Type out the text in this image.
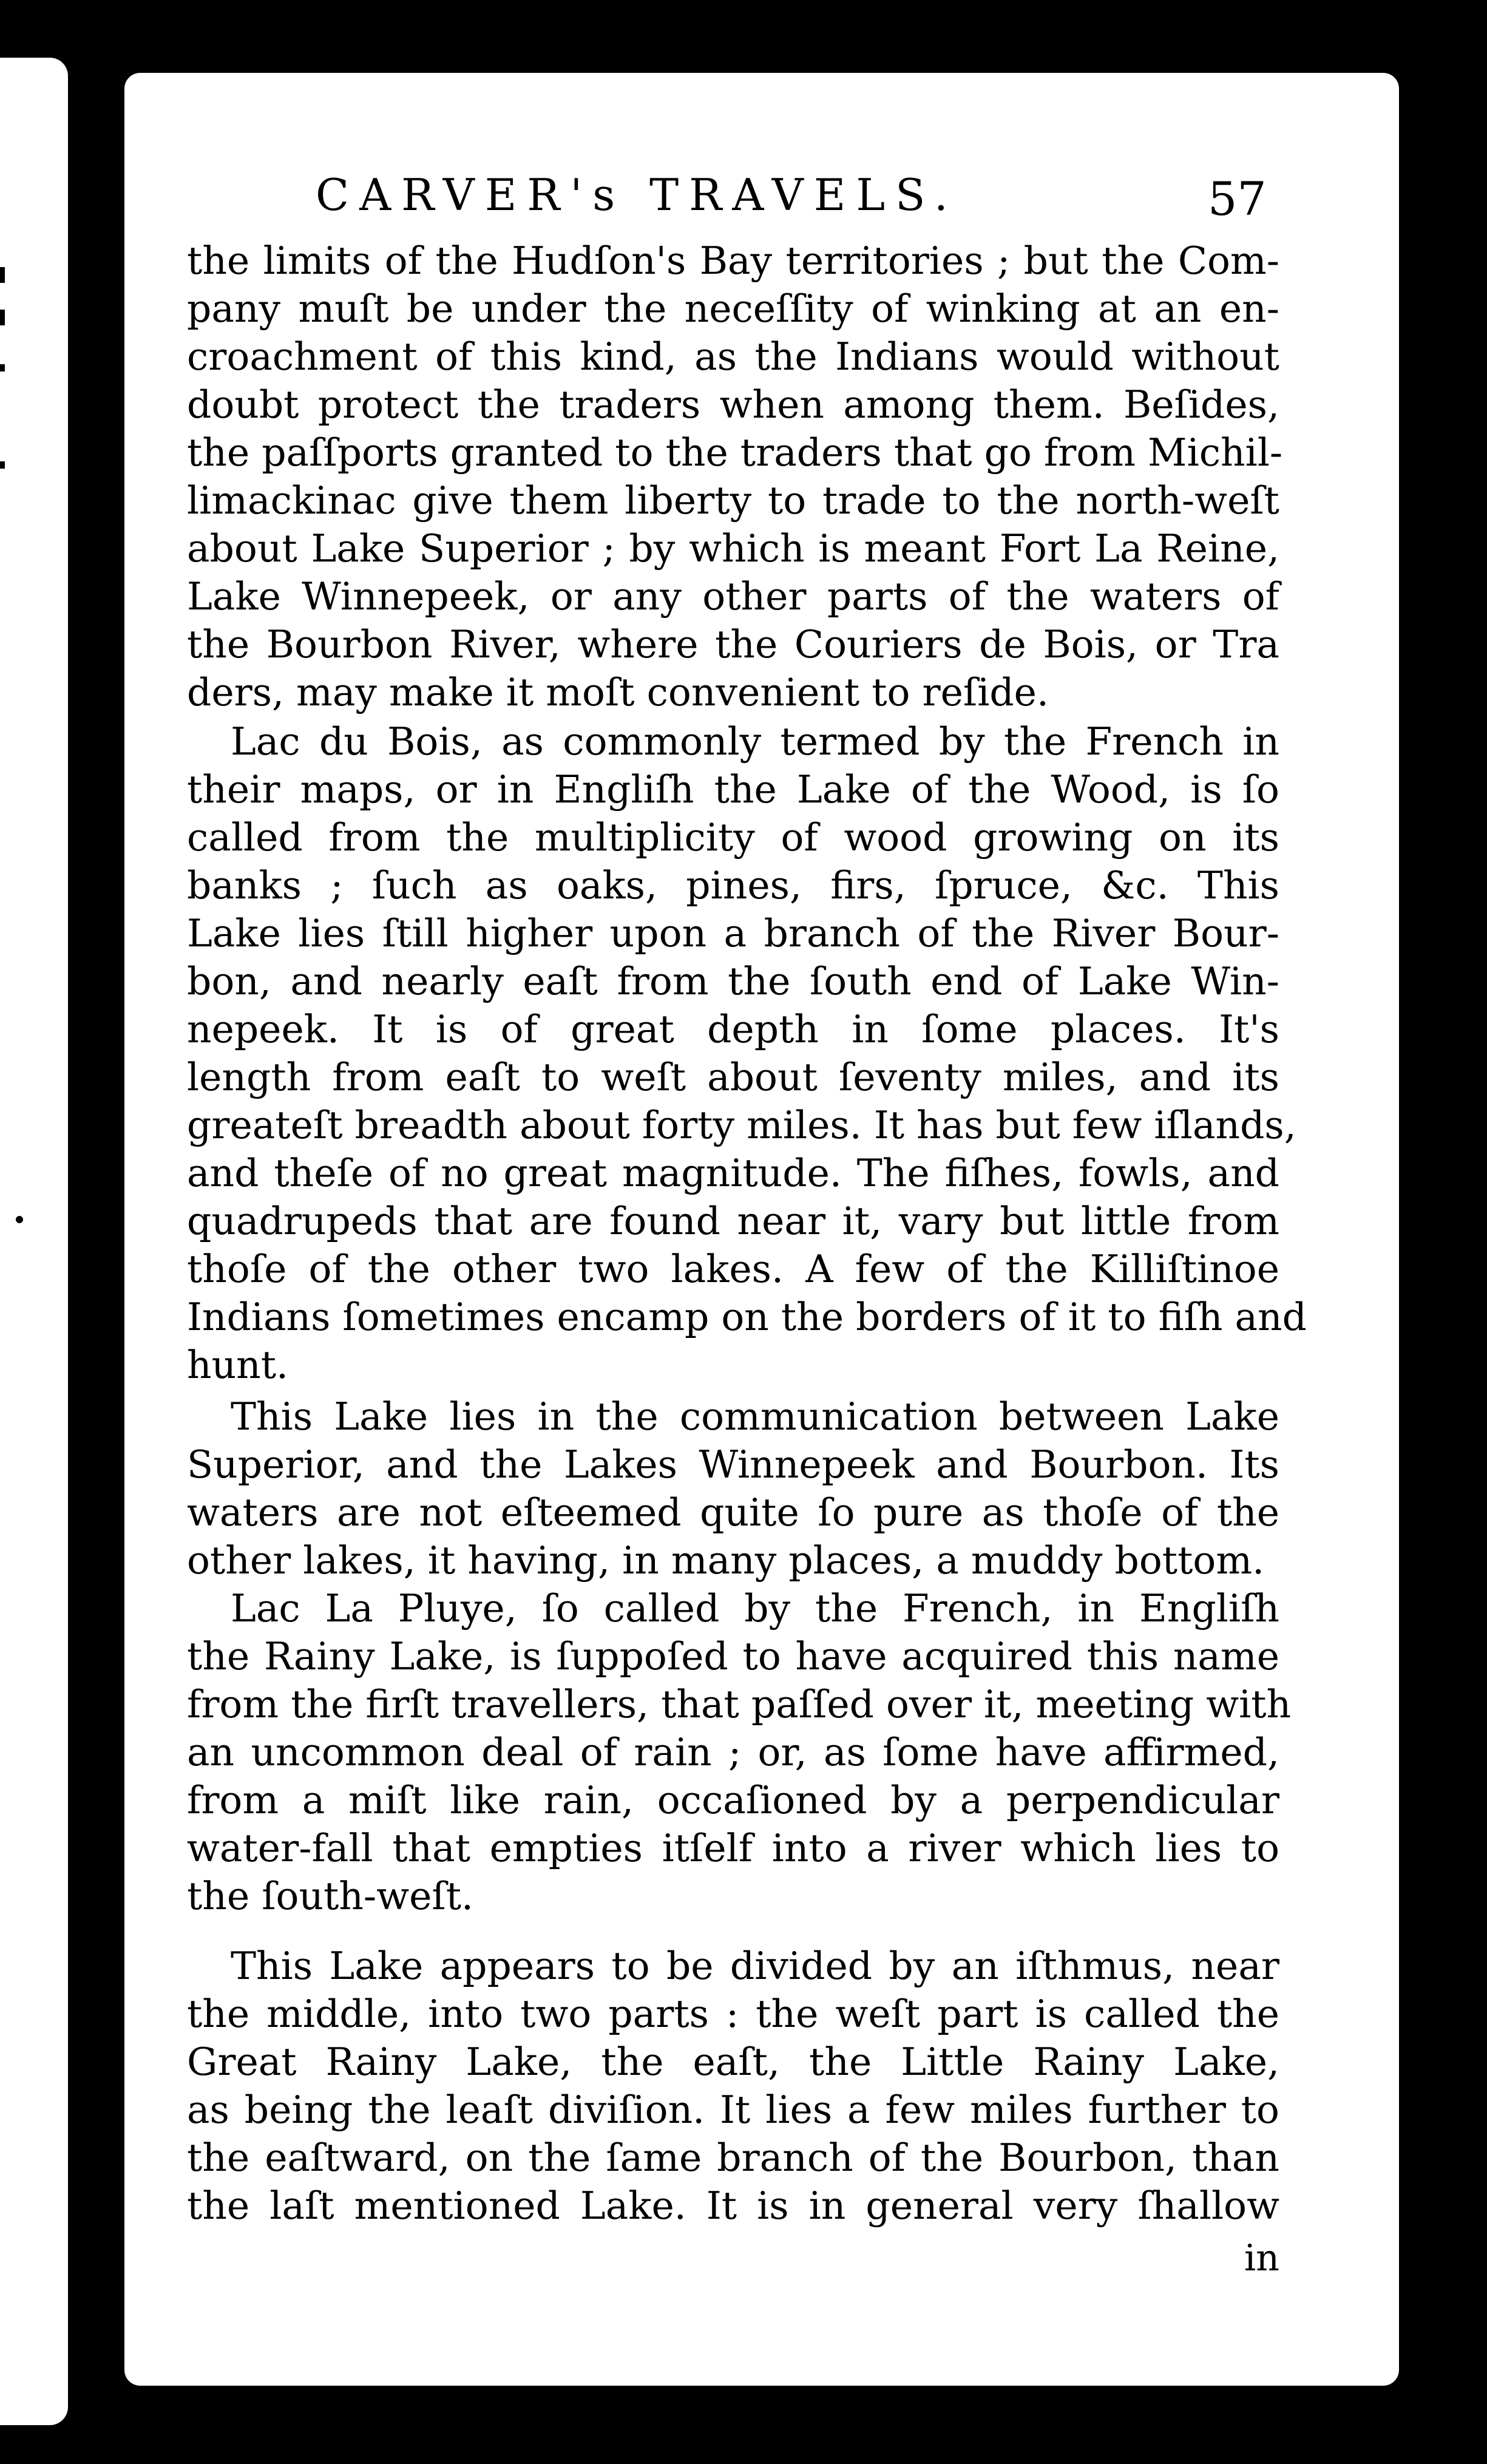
CARVER's TRAVELS.	57
the limits of the Hudſon's Bay territories ; but the Com-
pany muſt be under the neceſſity of winking at an en-
croachment of this kind, as the Indians would without
doubt protect the traders when among them. Beſides,
the paſſports granted to the traders that go from Michil-
limackinac give them liberty to trade to the north-weſt
about Lake Superior ; by which is meant Fort La Reine,
Lake Winnepeek, or any other parts of the waters of
the Bourbon River, where the Couriers de Bois, or Tra
ders, may make it moſt convenient to reſide.
Lac du Bois, as commonly termed by the French in
their maps, or in Engliſh the Lake of the Wood, is ſo
called from the multiplicity of wood growing on its
banks ; ſuch as oaks, pines, firs, ſpruce, &c. This
Lake lies ſtill higher upon a branch of the River Bour-
bon, and nearly eaſt from the ſouth end of Lake Win-
nepeek. It is of great depth in ſome places. It's
length from eaſt to weſt about ſeventy miles, and its
greateſt breadth about forty miles. It has but few iſlands,
and theſe of no great magnitude. The fiſhes, fowls, and
quadrupeds that are found near it, vary but little from
thoſe of the other two lakes. A few of the Killiſtinoe
Indians ſometimes encamp on the borders of it to fiſh and
hunt.
This Lake lies in the communication between Lake
Superior, and the Lakes Winnepeek and Bourbon. Its
waters are not eſteemed quite ſo pure as thoſe of the
other lakes, it having, in many places, a muddy bottom.
Lac La Pluye, ſo called by the French, in Engliſh
the Rainy Lake, is ſuppoſed to have acquired this name
from the firſt travellers, that paſſed over it, meeting with
an uncommon deal of rain ; or, as ſome have affirmed,
from a miſt like rain, occaſioned by a perpendicular
water-fall that empties itſelf into a river which lies to
the ſouth-weſt.
This Lake appears to be divided by an iſthmus, near
the middle, into two parts : the weſt part is called the
Great Rainy Lake, the eaſt, the Little Rainy Lake,
as being the leaſt diviſion. It lies a few miles further to
the eaſtward, on the ſame branch of the Bourbon, than
the laſt mentioned Lake. It is in general very ſhallow
in
